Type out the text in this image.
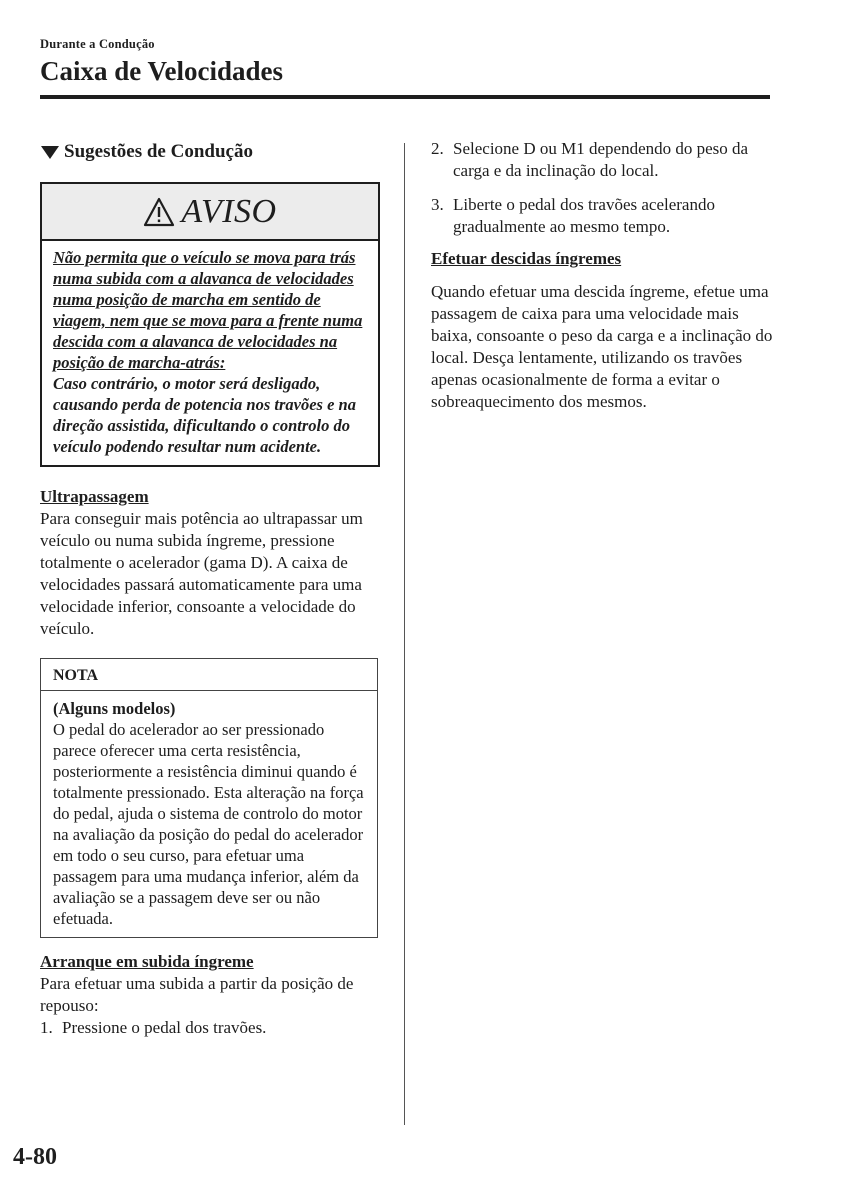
Durante a Condução
Caixa de Velocidades
Sugestões de Condução
AVISO
Não permita que o veículo se mova para trás numa subida com a alavanca de velocidades numa posição de marcha em sentido de viagem, nem que se mova para a frente numa descida com a alavanca de velocidades na posição de marcha-atrás:
Caso contrário, o motor será desligado, causando perda de potencia nos travões e na direção assistida, dificultando o controlo do veículo podendo resultar num acidente.
Ultrapassagem

Para conseguir mais potência ao ultrapassar um veículo ou numa subida íngreme, pressione totalmente o acelerador (gama D). A caixa de velocidades passará automaticamente para uma velocidade inferior, consoante a velocidade do veículo.

NOTA
(Alguns modelos)
O pedal do acelerador ao ser pressionado parece oferecer uma certa resistência, posteriormente a resistência diminui quando é totalmente pressionado. Esta alteração na força do pedal, ajuda o sistema de controlo do motor na avaliação da posição do pedal do acelerador em todo o seu curso, para efetuar uma passagem para uma mudança inferior, além da avaliação se a passagem deve ser ou não efetuada.
Arranque em subida íngreme

Para efetuar uma subida a partir da posição de repouso:

1. Pressione o pedal dos travões.
2. Selecione D ou M1 dependendo do peso da carga e da inclinação do local.
3. Liberte o pedal dos travões acelerando gradualmente ao mesmo tempo.
Efetuar descidas íngremes

Quando efetuar uma descida íngreme, efetue uma passagem de caixa para uma velocidade mais baixa, consoante o peso da carga e a inclinação do local. Desça lentamente, utilizando os travões apenas ocasionalmente de forma a evitar o sobreaquecimento dos mesmos.

4-80
